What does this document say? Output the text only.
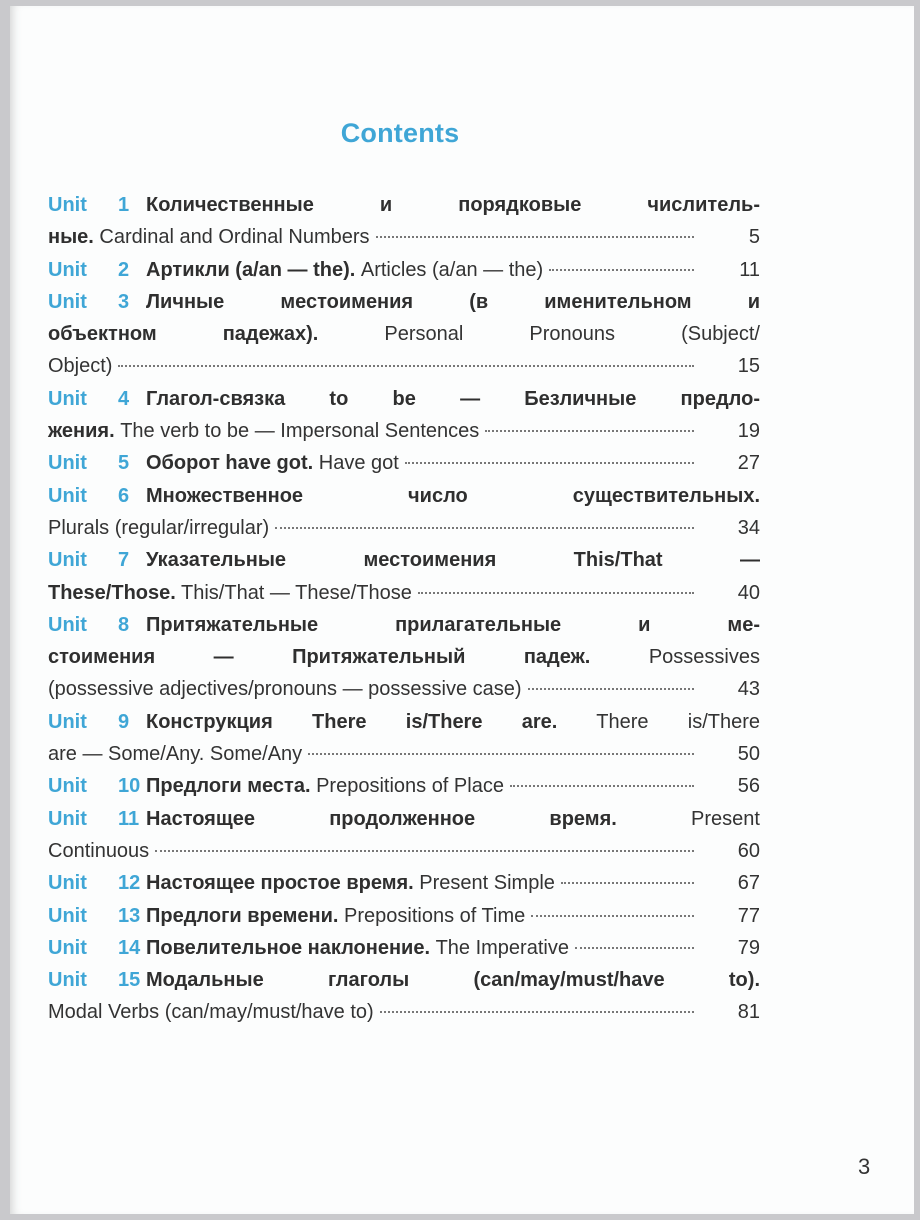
Contents
Unit 1 Количественные и порядковые числитель-
ные. Cardinal and Ordinal Numbers	5
Unit 2 Артикли (a/an — the). Articles (a/an — the)	11
Unit 3 Личные местоимения (в именительном и
объектном падежах). Personal Pronouns (Subject/
Object)	15
Unit 4 Глагол-связка to be — Безличные предло-
жения. The verb to be — Impersonal Sentences	19
Unit 5 Оборот have got. Have got	27
Unit 6 Множественное число существительных.
Plurals (regular/irregular)	34
Unit 7 Указательные местоимения This/That —
These/Those. This/That — These/Those	40
Unit 8 Притяжательные прилагательные и ме-
стоимения — Притяжательный падеж. Possessives
(possessive adjectives/pronouns — possessive case)	43
Unit 9 Конструкция There is/There are. There is/There
are — Some/Any. Some/Any	50
Unit 10 Предлоги места. Prepositions of Place	56
Unit 11 Настоящее продолженное время. Present
Continuous	60
Unit 12 Настоящее простое время. Present Simple	67
Unit 13 Предлоги времени. Prepositions of Time	77
Unit 14 Повелительное наклонение. The Imperative	79
Unit 15 Модальные глаголы (can/may/must/have to).
Modal Verbs (can/may/must/have to)	81
3
